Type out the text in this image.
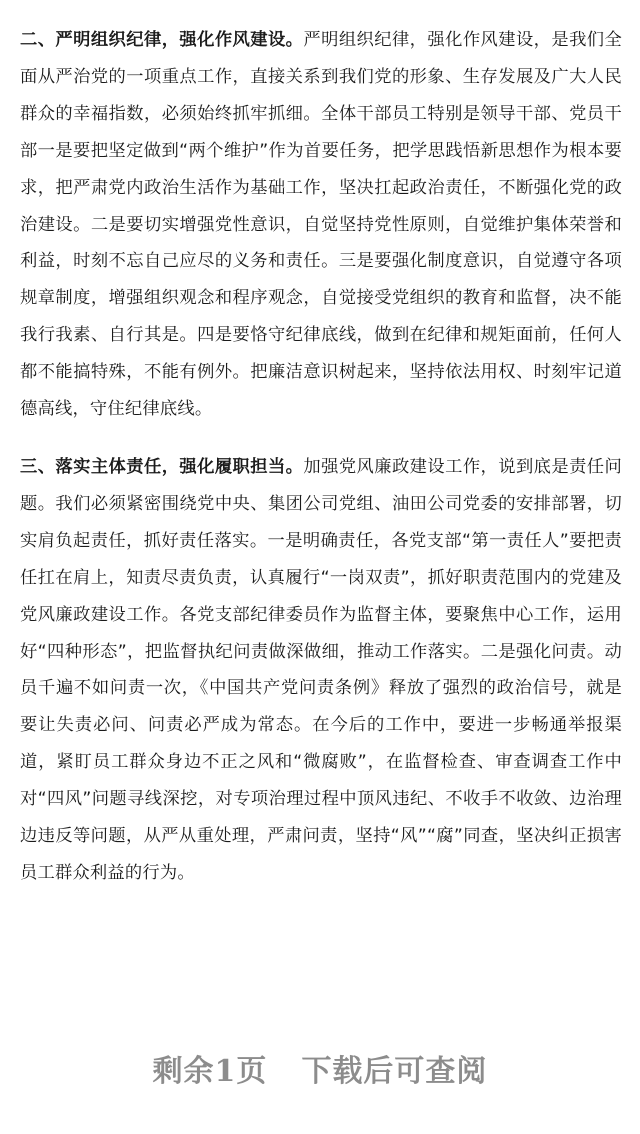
二、严明组织纪律，强化作风建设。严明组织纪律，强化作风建设，是我们全面从严治党的一项重点工作，直接关系到我们党的形象、生存发展及广大人民群众的幸福指数，必须始终抓牢抓细。全体干部员工特别是领导干部、党员干部一是要把坚定做到“两个维护”作为首要任务，把学思践悟新思想作为根本要求，把严肃党内政治生活作为基础工作，坚决扛起政治责任，不断强化党的政治建设。二是要切实增强党性意识，自觉坚持党性原则，自觉维护集体荣誉和利益，时刻不忘自己应尽的义务和责任。三是要强化制度意识，自觉遵守各项规章制度，增强组织观念和程序观念，自觉接受党组织的教育和监督，决不能我行我素、自行其是。四是要恪守纪律底线，做到在纪律和规矩面前，任何人都不能搞特殊，不能有例外。把廉洁意识树起来，坚持依法用权、时刻牢记道德高线，守住纪律底线。

三、落实主体责任，强化履职担当。加强党风廉政建设工作，说到底是责任问题。我们必须紧密围绕党中央、集团公司党组、油田公司党委的安排部署，切实肩负起责任，抓好责任落实。一是明确责任，各党支部“第一责任人”要把责任扛在肩上，知责尽责负责，认真履行“一岗双责”，抓好职责范围内的党建及党风廉政建设工作。各党支部纪律委员作为监督主体，要聚焦中心工作，运用好“四种形态”，把监督执纪问责做深做细，推动工作落实。二是强化问责。动员千遍不如问责一次，《中国共产党问责条例》释放了强烈的政治信号，就是要让失责必问、问责必严成为常态。在今后的工作中，要进一步畅通举报渠道，紧盯员工群众身边不正之风和“微腐败”，在监督检查、审查调查工作中对“四风”问题寻线深挖，对专项治理过程中顶风违纪、不收手不收敛、边治理边违反等问题，从严从重处理，严肃问责，坚持“风”“腐”同查，坚决纠正损害员工群众利益的行为。

剩余1页 下载后可查阅
